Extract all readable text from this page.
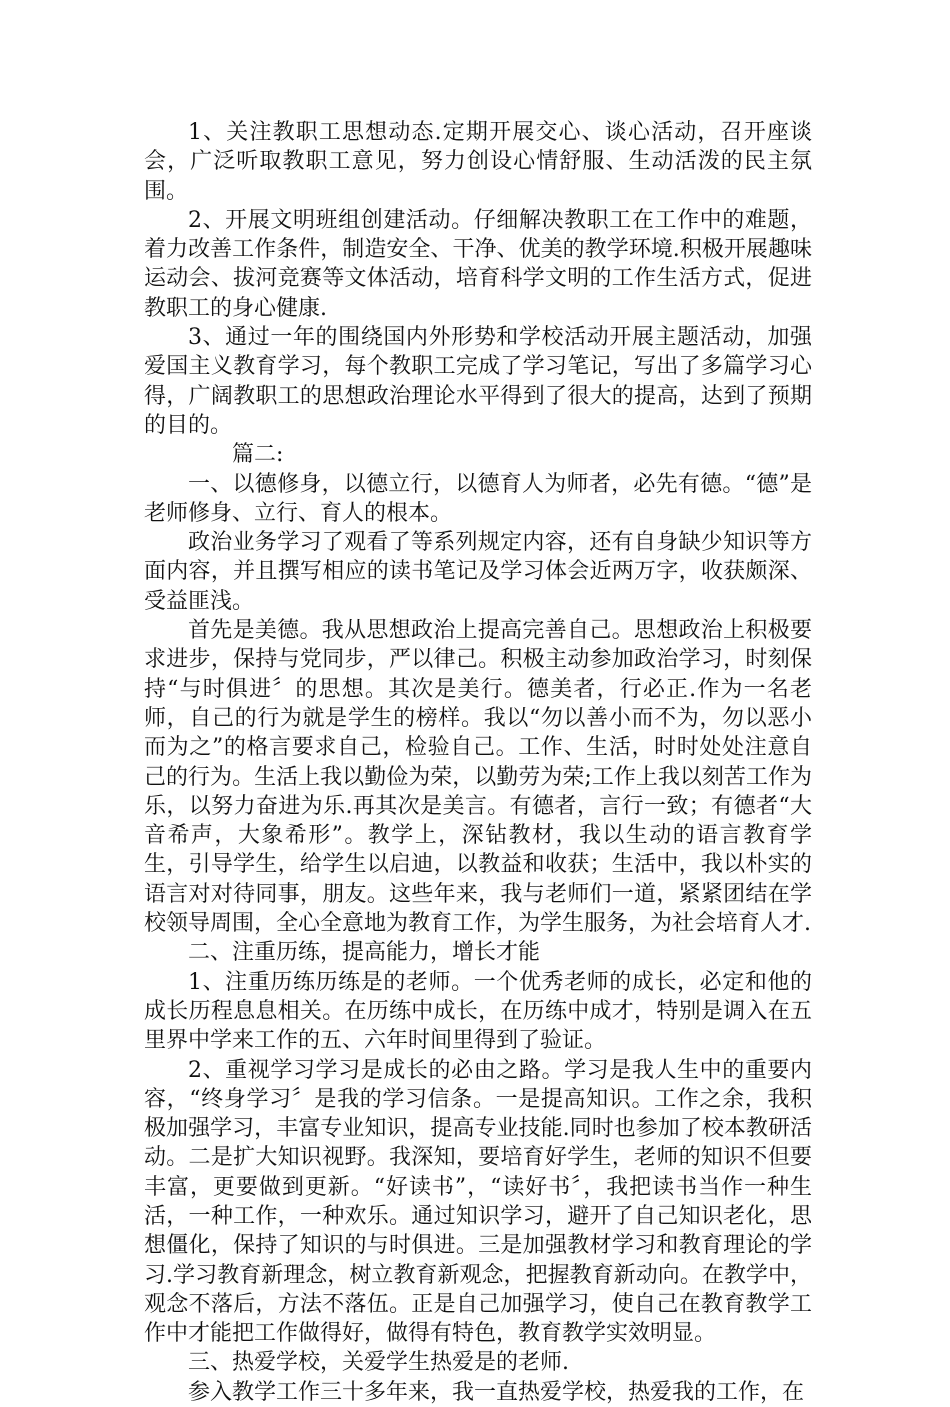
1、关注教职工思想动态.定期开展交心、谈心活动，召开座谈会，广泛听取教职工意见，努力创设心情舒服、生动活泼的民主氛围。

2、开展文明班组创建活动。仔细解决教职工在工作中的难题，着力改善工作条件，制造安全、干净、优美的教学环境.积极开展趣味运动会、拔河竞赛等文体活动，培育科学文明的工作生活方式，促进教职工的身心健康.

3、通过一年的围绕国内外形势和学校活动开展主题活动，加强爱国主义教育学习，每个教职工完成了学习笔记，写出了多篇学习心得，广阔教职工的思想政治理论水平得到了很大的提高，达到了预期的目的。

篇二:

一、以德修身，以德立行，以德育人为师者，必先有德。“德”是老师修身、立行、育人的根本。

政治业务学习了观看了等系列规定内容，还有自身缺少知识等方面内容，并且撰写相应的读书笔记及学习体会近两万字，收获颇深、受益匪浅。

首先是美德。我从思想政治上提高完善自己。思想政治上积极要求进步，保持与党同步，严以律己。积极主动参加政治学习，时刻保持“与时俱进〞的思想。其次是美行。德美者，行必正.作为一名老师，自己的行为就是学生的榜样。我以“勿以善小而不为，勿以恶小而为之”的格言要求自己，检验自己。工作、生活，时时处处注意自己的行为。生活上我以勤俭为荣，以勤劳为荣;工作上我以刻苦工作为乐，以努力奋进为乐.再其次是美言。有德者，言行一致；有德者“大音希声，大象希形”。教学上，深钻教材，我以生动的语言教育学生，引导学生，给学生以启迪，以教益和收获；生活中，我以朴实的语言对对待同事，朋友。这些年来，我与老师们一道，紧紧团结在学校领导周围，全心全意地为教育工作，为学生服务，为社会培育人才.

二、注重历练，提高能力，增长才能

1、注重历练历练是的老师。一个优秀老师的成长，必定和他的成长历程息息相关。在历练中成长，在历练中成才，特别是调入在五里界中学来工作的五、六年时间里得到了验证。

2、重视学习学习是成长的必由之路。学习是我人生中的重要内容，“终身学习〞是我的学习信条。一是提高知识。工作之余，我积极加强学习，丰富专业知识，提高专业技能.同时也参加了校本教研活动。二是扩大知识视野。我深知，要培育好学生，老师的知识不但要丰富，更要做到更新。“好读书”，“读好书〞，我把读书当作一种生活，一种工作，一种欢乐。通过知识学习，避开了自己知识老化，思想僵化，保持了知识的与时俱进。三是加强教材学习和教育理论的学习.学习教育新理念，树立教育新观念，把握教育新动向。在教学中，观念不落后，方法不落伍。正是自己加强学习，使自己在教育教学工作中才能把工作做得好，做得有特色，教育教学实效明显。

三、热爱学校，关爱学生热爱是的老师.

参入教学工作三十多年来，我一直热爱学校，热爱我的工作，在
